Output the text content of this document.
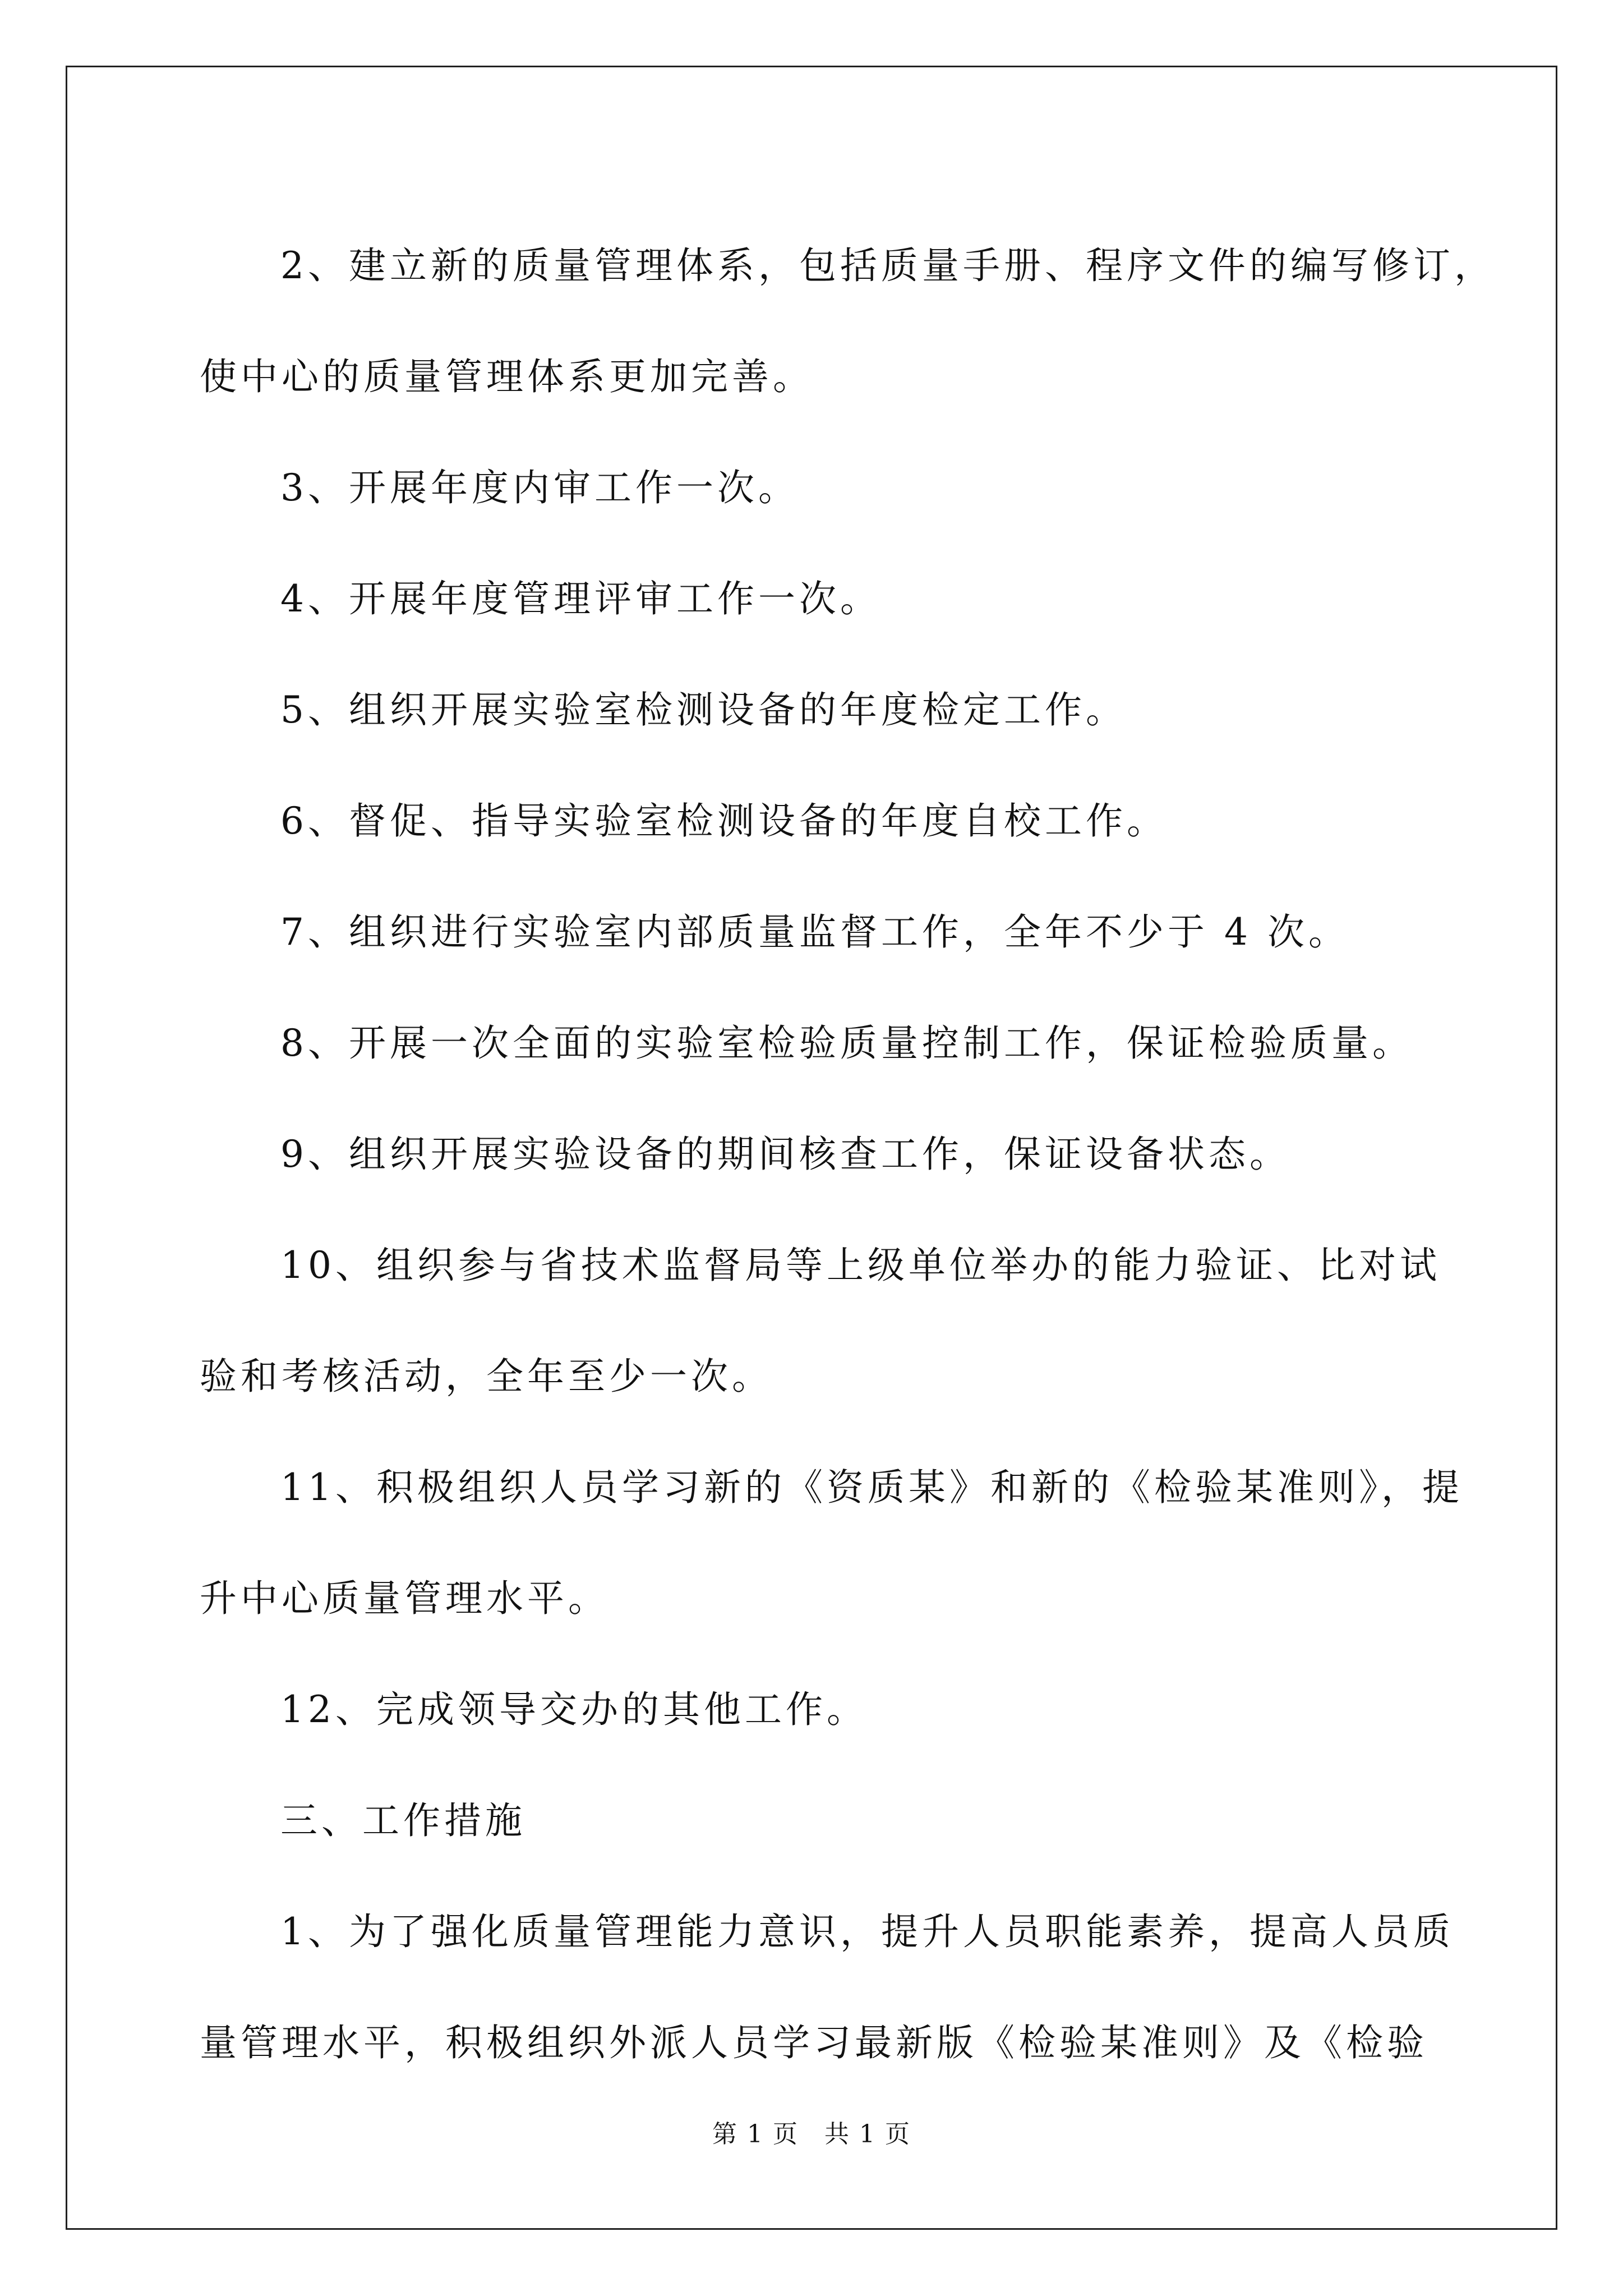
2、建立新的质量管理体系，包括质量手册、程序文件的编写修订，

使中心的质量管理体系更加完善。

3、开展年度内审工作一次。

4、开展年度管理评审工作一次。

5、组织开展实验室检测设备的年度检定工作。

6、督促、指导实验室检测设备的年度自校工作。

7、组织进行实验室内部质量监督工作，全年不少于 4 次。

8、开展一次全面的实验室检验质量控制工作，保证检验质量。

9、组织开展实验设备的期间核查工作，保证设备状态。

10、组织参与省技术监督局等上级单位举办的能力验证、比对试

验和考核活动，全年至少一次。

11、积极组织人员学习新的《资质某》和新的《检验某准则》，提

升中心质量管理水平。

12、完成领导交办的其他工作。

三、工作措施

1、为了强化质量管理能力意识，提升人员职能素养，提高人员质

量管理水平，积极组织外派人员学习最新版《检验某准则》及《检验

第 1 页　共 1 页
